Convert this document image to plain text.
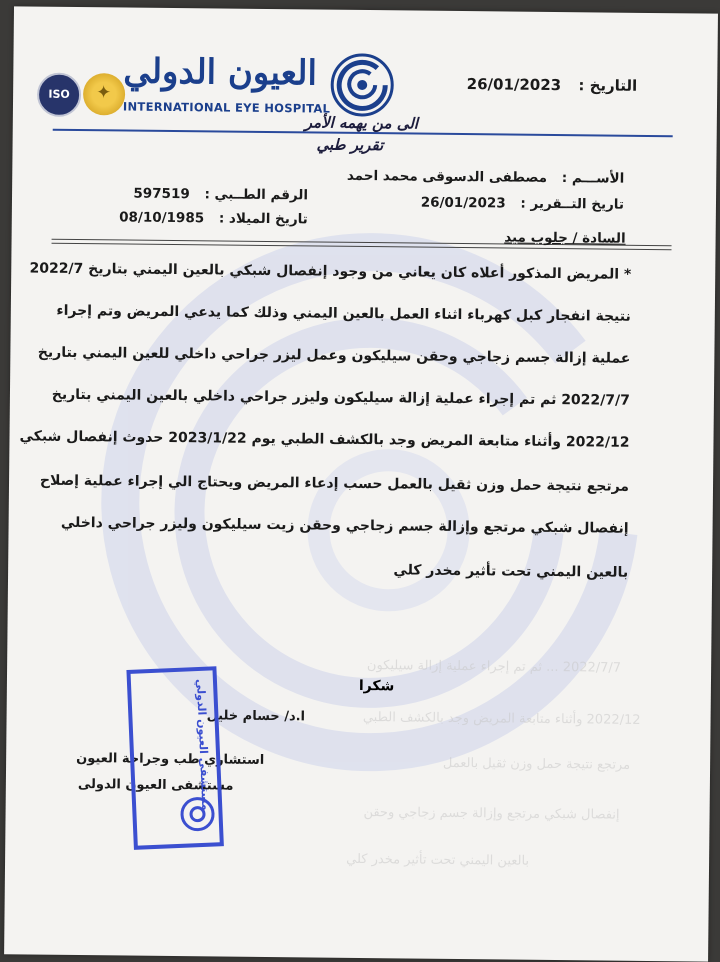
2022/7/7 ... ثم تم إجراء عملية إزالة سيليكون
2022/12 وأثناء متابعة المريض وجد بالكشف الطبي
مرتجع نتيجة حمل وزن ثقيل بالعمل
إنفصال شبكي مرتجع وإزالة جسم زجاجي وحقن
بالعين اليمني تحت تأثير مخدر كلي
التاريخ : 26/01/2023
العيون الدولي
INTERNATIONAL EYE HOSPITAL
ISO	✦
الى من يهمه الأمر
تقرير طبي
الأســـم : مصطفى الدسوقى محمد احمد
تاريخ التــقرير : 26/01/2023
الرقم الطــبي : 597519
تاريخ الميلاد : 08/10/1985
السادة / جلوب ميد
* المريض المذكور أعلاه كان يعاني من وجود إنفصال شبكي بالعين اليمني بتاريخ 2022/7
نتيجة انفجار كبل كهرباء اثناء العمل بالعين اليمني وذلك كما يدعي المريض وتم إجراء
عملية إزالة جسم زجاجي وحقن سيليكون وعمل ليزر جراحي داخلي للعين اليمني بتاريخ
2022/7/7 ثم تم إجراء عملية إزالة سيليكون وليزر جراحي داخلي بالعين اليمني بتاريخ
2022/12 وأثناء متابعة المريض وجد بالكشف الطبي يوم 2023/1/22 حدوث إنفصال شبكي
مرتجع نتيجة حمل وزن ثقيل بالعمل حسب إدعاء المريض ويحتاج الي إجراء عملية إصلاح
إنفصال شبكي مرتجع وإزالة جسم زجاجي وحقن زيت سيليكون وليزر جراحي داخلي
بالعين اليمني تحت تأثير مخدر كلي
شكرا
ا.د/ حسام خليل
استشاري طب وجراحة العيون
مستشفى العيون الدولى
مستشفى العيون الدولي
